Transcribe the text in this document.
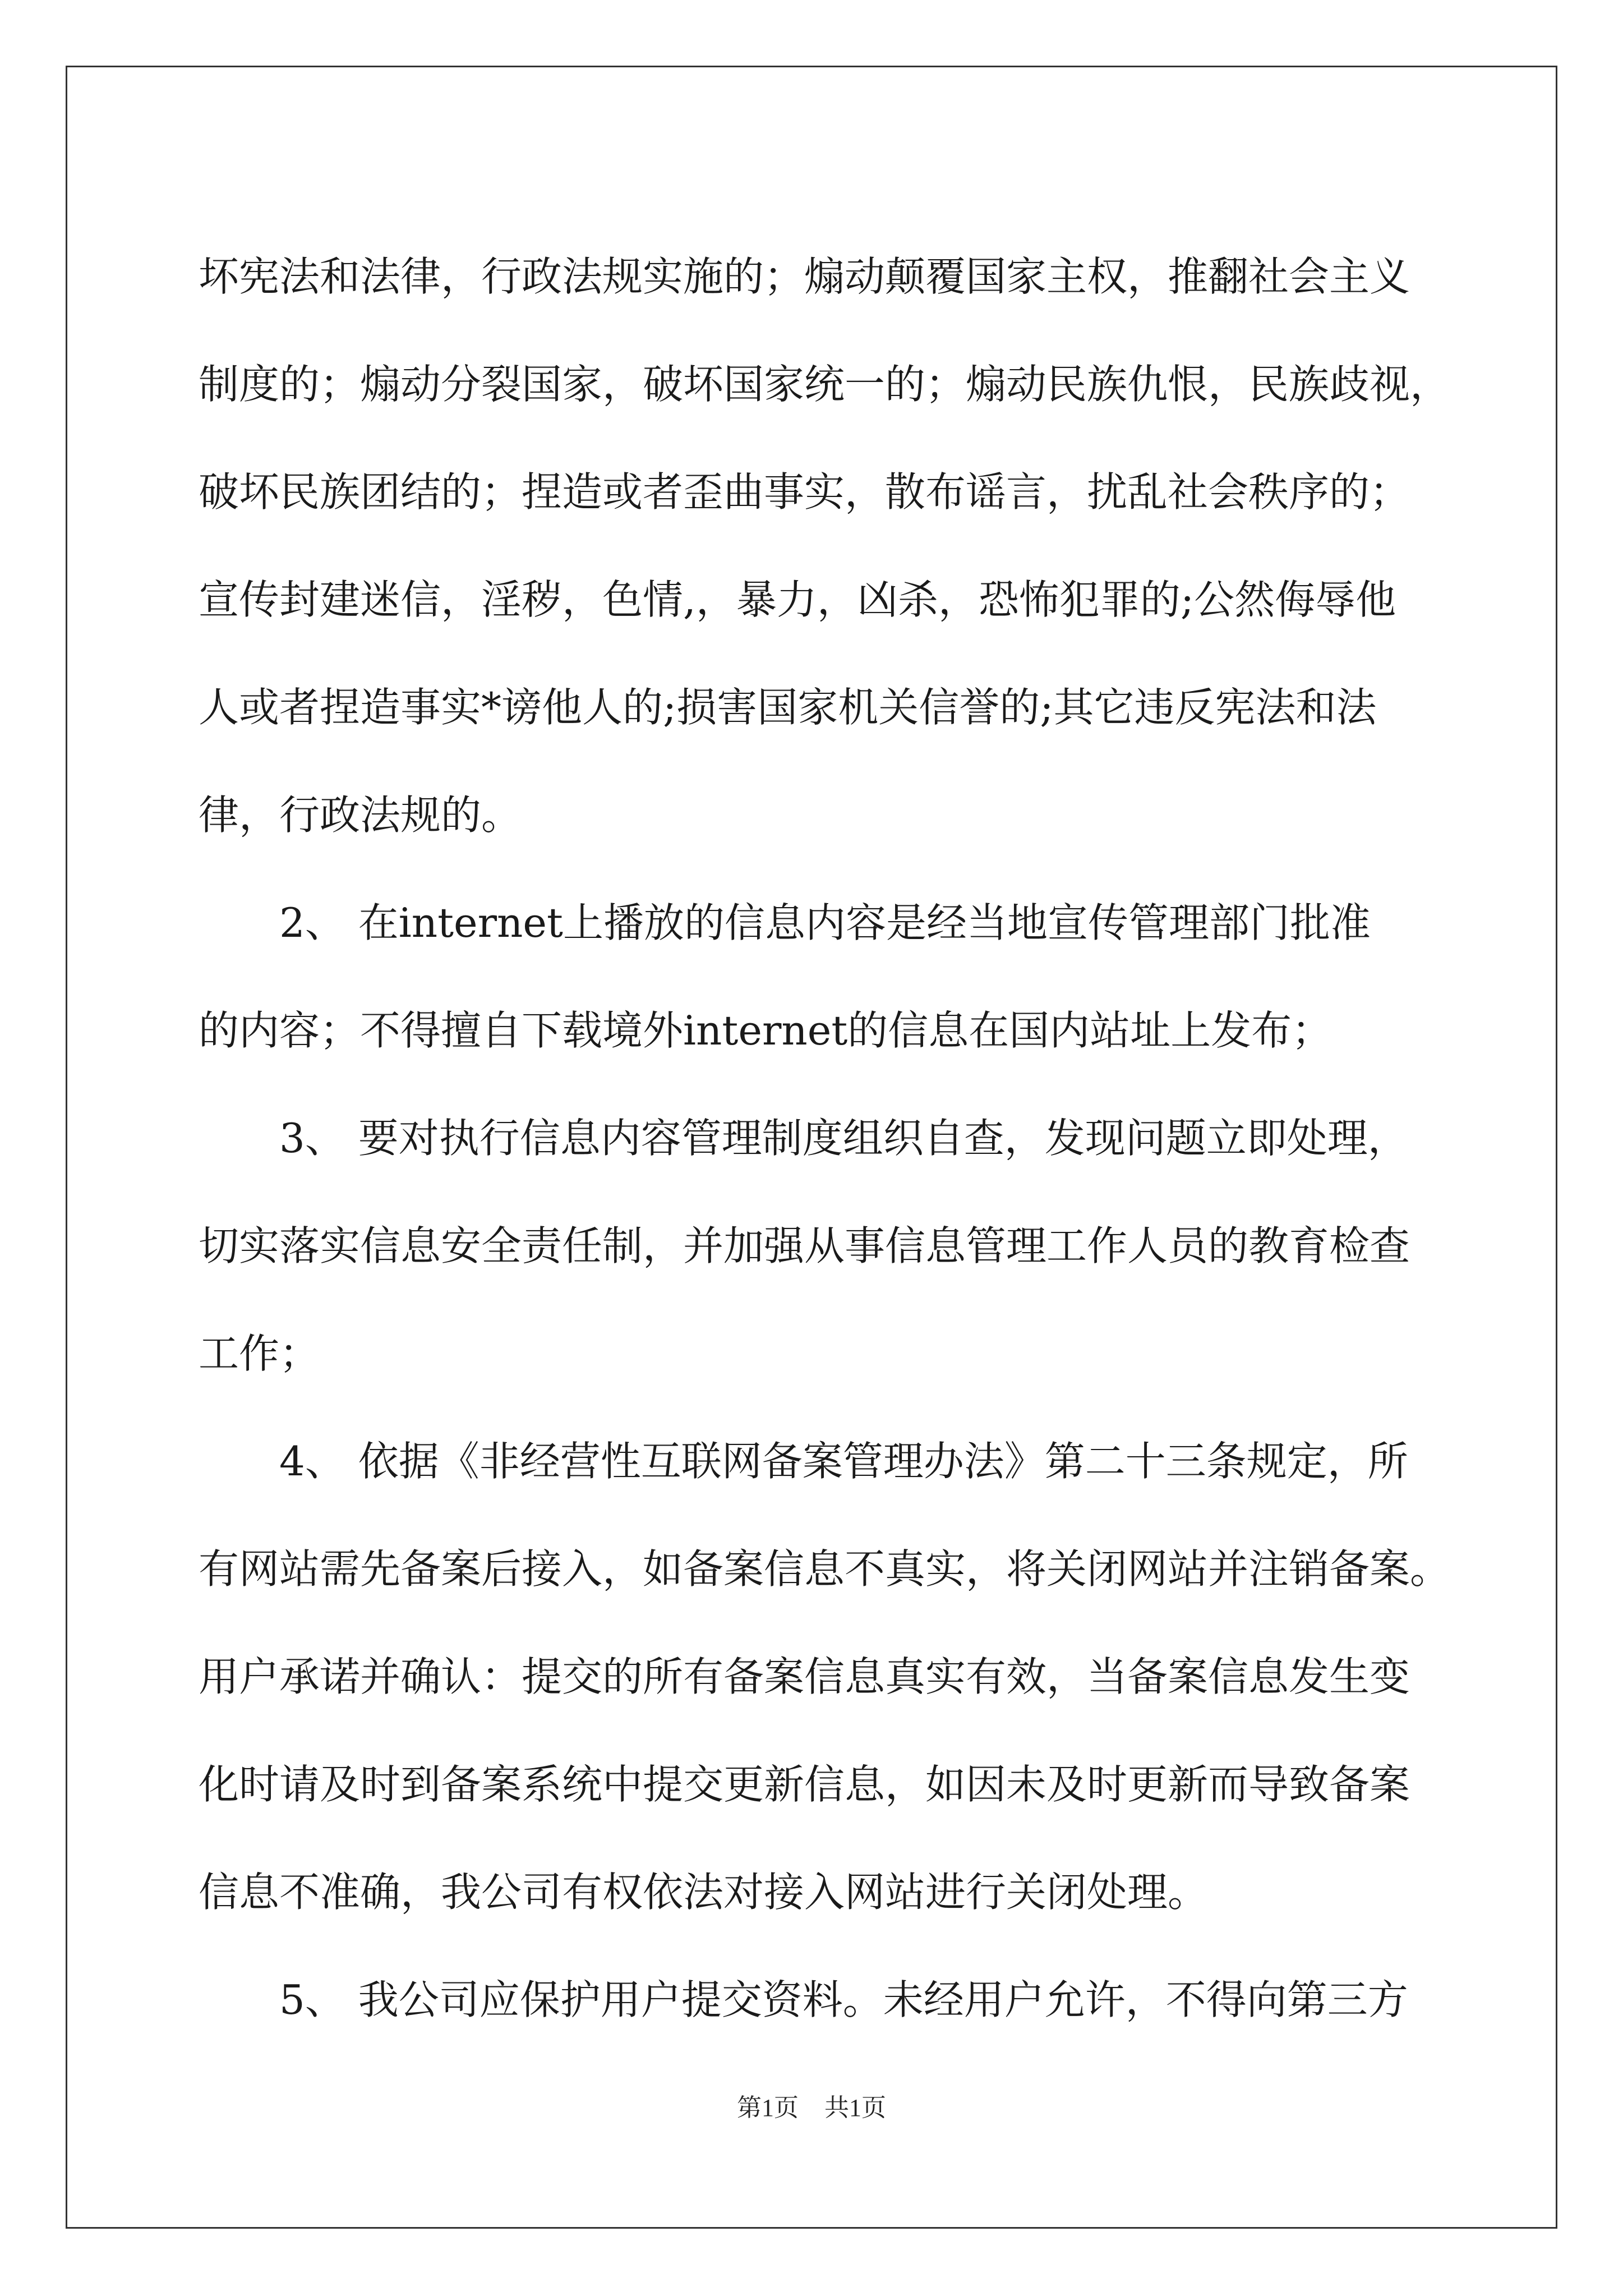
坏宪法和法律，行政法规实施的；煽动颠覆国家主权，推翻社会主义
制度的；煽动分裂国家，破坏国家统一的；煽动民族仇恨，民族歧视，
破坏民族团结的；捏造或者歪曲事实，散布谣言，扰乱社会秩序的；
宣传封建迷信，淫秽，色情,，暴力，凶杀，恐怖犯罪的;公然侮辱他
人或者捏造事实*谤他人的;损害国家机关信誉的;其它违反宪法和法
律，行政法规的。
　　2、 在internet上播放的信息内容是经当地宣传管理部门批准
的内容；不得擅自下载境外internet的信息在国内站址上发布；
　　3、 要对执行信息内容管理制度组织自查，发现问题立即处理，
切实落实信息安全责任制，并加强从事信息管理工作人员的教育检查
工作；
　　4、 依据《非经营性互联网备案管理办法》第二十三条规定，所
有网站需先备案后接入，如备案信息不真实，将关闭网站并注销备案。
用户承诺并确认：提交的所有备案信息真实有效，当备案信息发生变
化时请及时到备案系统中提交更新信息，如因未及时更新而导致备案
信息不准确，我公司有权依法对接入网站进行关闭处理。
　　5、 我公司应保护用户提交资料。未经用户允许，不得向第三方
第1页 共1页
